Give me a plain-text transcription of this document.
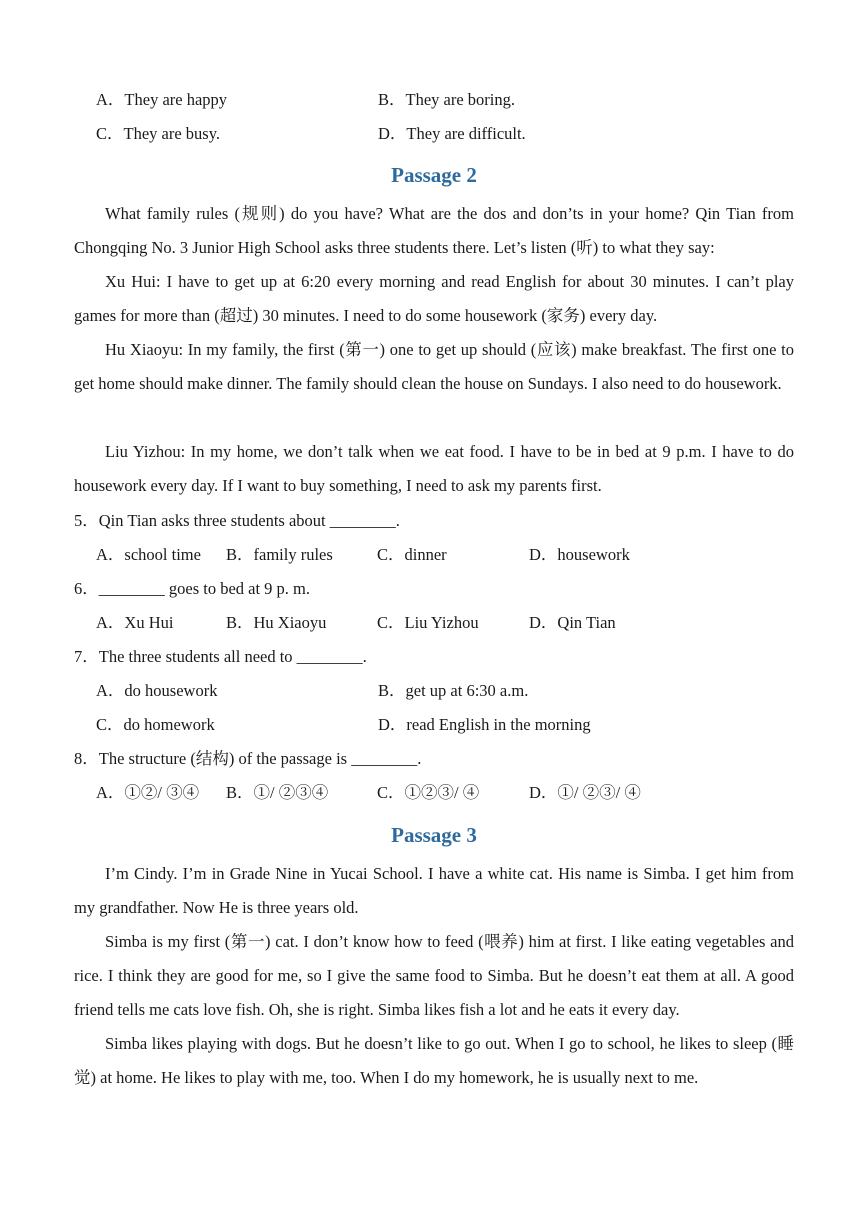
A．They are happy	B．They are boring.
C．They are busy.	D．They are difficult.
Passage 2

What family rules (规则) do you have? What are the dos and don’ts in your home? Qin Tian from Chongqing No. 3 Junior High School asks three students there. Let’s listen (听) to what they say:

Xu Hui: I have to get up at 6:20 every morning and read English for about 30 minutes. I can’t play games for more than (超过) 30 minutes. I need to do some housework (家务) every day.

Hu Xiaoyu: In my family, the first (第一) one to get up should (应该) make breakfast. The first one to get home should make dinner. The family should clean the house on Sundays. I also need to do housework.

Liu Yizhou: In my home, we don’t talk when we eat food. I have to be in bed at 9 p.m. I have to do housework every day. If I want to buy something, I need to ask my parents first.

5．Qin Tian asks three students about ________.
A．school time B．family rules	C．dinner	D．housework
6．________ goes to bed at 9 p. m.
A．Xu Hui	B．Hu Xiaoyu	C．Liu Yizhou	D．Qin Tian
7．The three students all need to ________.
A．do housework	B．get up at 6:30 a.m.
C．do homework	D．read English in the morning
8．The structure (结构) of the passage is ________.
A．①②/ ③④ B．①/ ②③④	C．①②③/ ④	D．①/ ②③/ ④
Passage 3

I’m Cindy. I’m in Grade Nine in Yucai School. I have a white cat. His name is Simba. I get him from my grandfather. Now He is three years old.

Simba is my first (第一) cat. I don’t know how to feed (喂养) him at first. I like eating vegetables and rice. I think they are good for me, so I give the same food to Simba. But he doesn’t eat them at all. A good friend tells me cats love fish. Oh, she is right. Simba likes fish a lot and he eats it every day.

Simba likes playing with dogs. But he doesn’t like to go out. When I go to school, he likes to sleep (睡觉) at home. He likes to play with me, too. When I do my homework, he is usually next to me.
